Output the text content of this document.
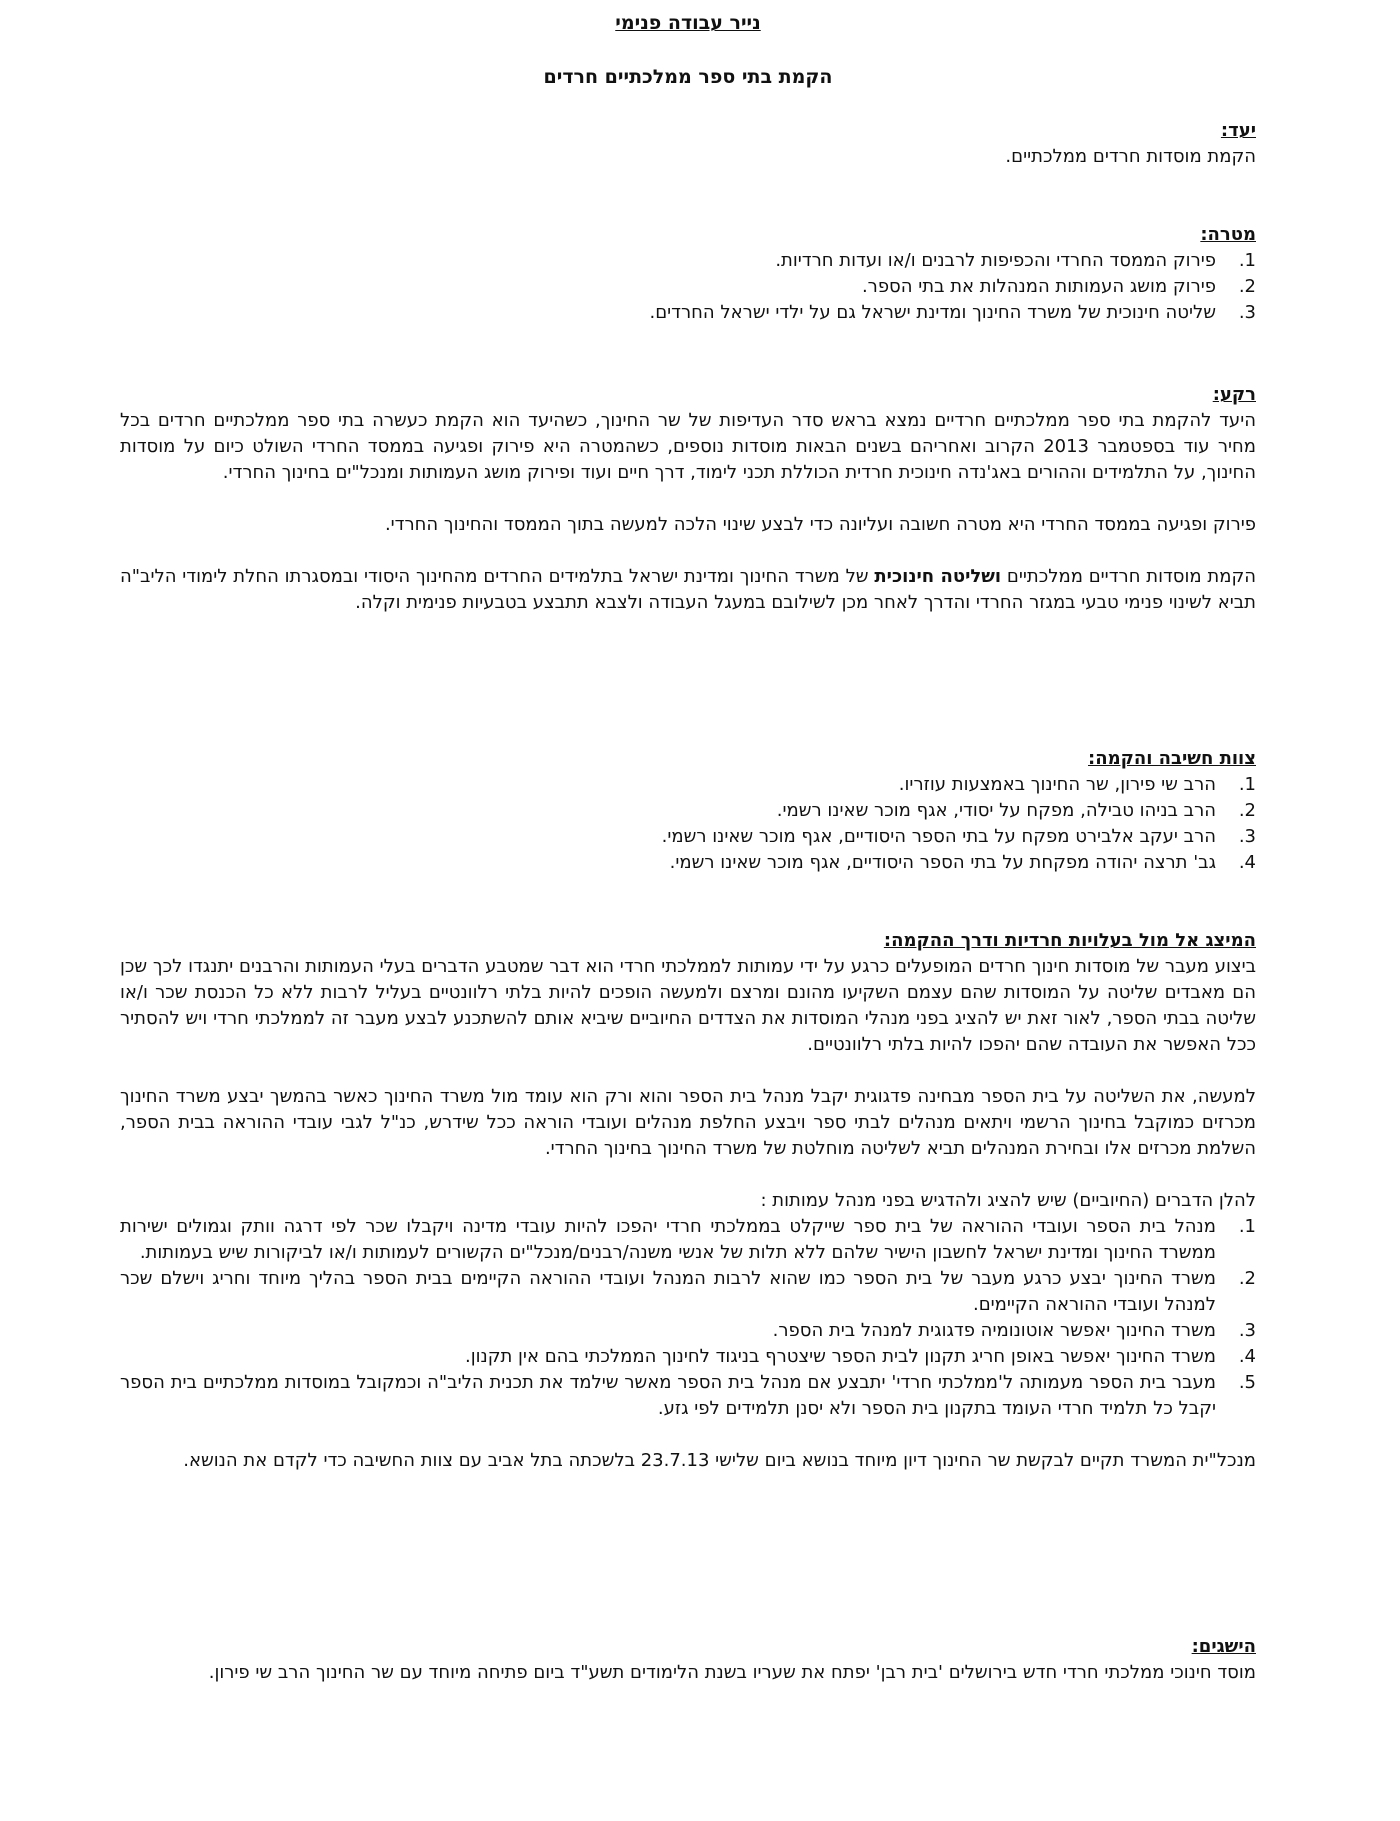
נייר עבודה פנימי
הקמת בתי ספר ממלכתיים חרדים

יעד:

הקמת מוסדות חרדים ממלכתיים.

מטרה:

1.
פירוק הממסד החרדי והכפיפות לרבנים ו/או ועדות חרדיות.
2.
פירוק מושג העמותות המנהלות את בתי הספר.
3.
שליטה חינוכית של משרד החינוך ומדינת ישראל גם על ילדי ישראל החרדים.

רקע:

היעד להקמת בתי ספר ממלכתיים חרדיים נמצא בראש סדר העדיפות של שר החינוך, כשהיעד הוא הקמת כעשרה בתי ספר ממלכתיים חרדים בכל מחיר עוד בספטמבר 2013 הקרוב ואחריהם בשנים הבאות מוסדות נוספים, כשהמטרה היא פירוק ופגיעה בממסד החרדי השולט כיום על מוסדות החינוך, על התלמידים וההורים באג'נדה חינוכית חרדית הכוללת תכני לימוד, דרך חיים ועוד ופירוק מושג העמותות ומנכל"ים בחינוך החרדי.

פירוק ופגיעה בממסד החרדי היא מטרה חשובה ועליונה כדי לבצע שינוי הלכה למעשה בתוך הממסד והחינוך החרדי.

הקמת מוסדות חרדיים ממלכתיים ושליטה חינוכית של משרד החינוך ומדינת ישראל בתלמידים החרדים מהחינוך היסודי ובמסגרתו החלת לימודי הליב"ה תביא לשינוי פנימי טבעי במגזר החרדי והדרך לאחר מכן לשילובם במעגל העבודה ולצבא תתבצע בטבעיות פנימית וקלה.

צוות חשיבה והקמה:

1.
הרב שי פירון, שר החינוך באמצעות עוזריו.
2.
הרב בניהו טבילה, מפקח על יסודי, אגף מוכר שאינו רשמי.
3.
הרב יעקב אלבירט מפקח על בתי הספר היסודיים, אגף מוכר שאינו רשמי.
4.
גב' תרצה יהודה מפקחת על בתי הספר היסודיים, אגף מוכר שאינו רשמי.

המיצג אל מול בעלויות חרדיות ודרך ההקמה:

ביצוע מעבר של מוסדות חינוך חרדים המופעלים כרגע על ידי עמותות לממלכתי חרדי הוא דבר שמטבע הדברים בעלי העמותות והרבנים יתנגדו לכך שכן הם מאבדים שליטה על המוסדות שהם עצמם השקיעו מהונם ומרצם ולמעשה הופכים להיות בלתי רלוונטיים בעליל לרבות ללא כל הכנסת שכר ו/או שליטה בבתי הספר, לאור זאת יש להציג בפני מנהלי המוסדות את הצדדים החיוביים שיביא אותם להשתכנע לבצע מעבר זה לממלכתי חרדי ויש להסתיר ככל האפשר את העובדה שהם יהפכו להיות בלתי רלוונטיים.

למעשה, את השליטה על בית הספר מבחינה פדגוגית יקבל מנהל בית הספר והוא ורק הוא עומד מול משרד החינוך כאשר בהמשך יבצע משרד החינוך מכרזים כמוקבל בחינוך הרשמי ויתאים מנהלים לבתי ספר ויבצע החלפת מנהלים ועובדי הוראה ככל שידרש, כנ"ל לגבי עובדי ההוראה בבית הספר, השלמת מכרזים אלו ובחירת המנהלים תביא לשליטה מוחלטת של משרד החינוך בחינוך החרדי.

להלן הדברים (החיוביים) שיש להציג ולהדגיש בפני מנהל עמותות :

1.
מנהל בית הספר ועובדי ההוראה של בית ספר שייקלט בממלכתי חרדי יהפכו להיות עובדי מדינה ויקבלו שכר לפי דרגה וותק וגמולים ישירות ממשרד החינוך ומדינת ישראל לחשבון הישיר שלהם ללא תלות של אנשי משנה/רבנים/מנכל"ים הקשורים לעמותות ו/או לביקורות שיש בעמותות.
2.
משרד החינוך יבצע כרגע מעבר של בית הספר כמו שהוא לרבות המנהל ועובדי ההוראה הקיימים בבית הספר בהליך מיוחד וחריג וישלם שכר למנהל ועובדי ההוראה הקיימים.
3.
משרד החינוך יאפשר אוטונומיה פדגוגית למנהל בית הספר.
4.
משרד החינוך יאפשר באופן חריג תקנון לבית הספר שיצטרף בניגוד לחינוך הממלכתי בהם אין תקנון.
5.
מעבר בית הספר מעמותה ל'ממלכתי חרדי' יתבצע אם מנהל בית הספר מאשר שילמד את תכנית הליב"ה וכמקובל במוסדות ממלכתיים בית הספר יקבל כל תלמיד חרדי העומד בתקנון בית הספר ולא יסנן תלמידים לפי גזע.

מנכל"ית המשרד תקיים לבקשת שר החינוך דיון מיוחד בנושא ביום שלישי 23.7.13 בלשכתה בתל אביב עם צוות החשיבה כדי לקדם את הנושא.

הישגים:

מוסד חינוכי ממלכתי חרדי חדש בירושלים 'בית רבן' יפתח את שעריו בשנת הלימודים תשע"ד ביום פתיחה מיוחד עם שר החינוך הרב שי פירון.
